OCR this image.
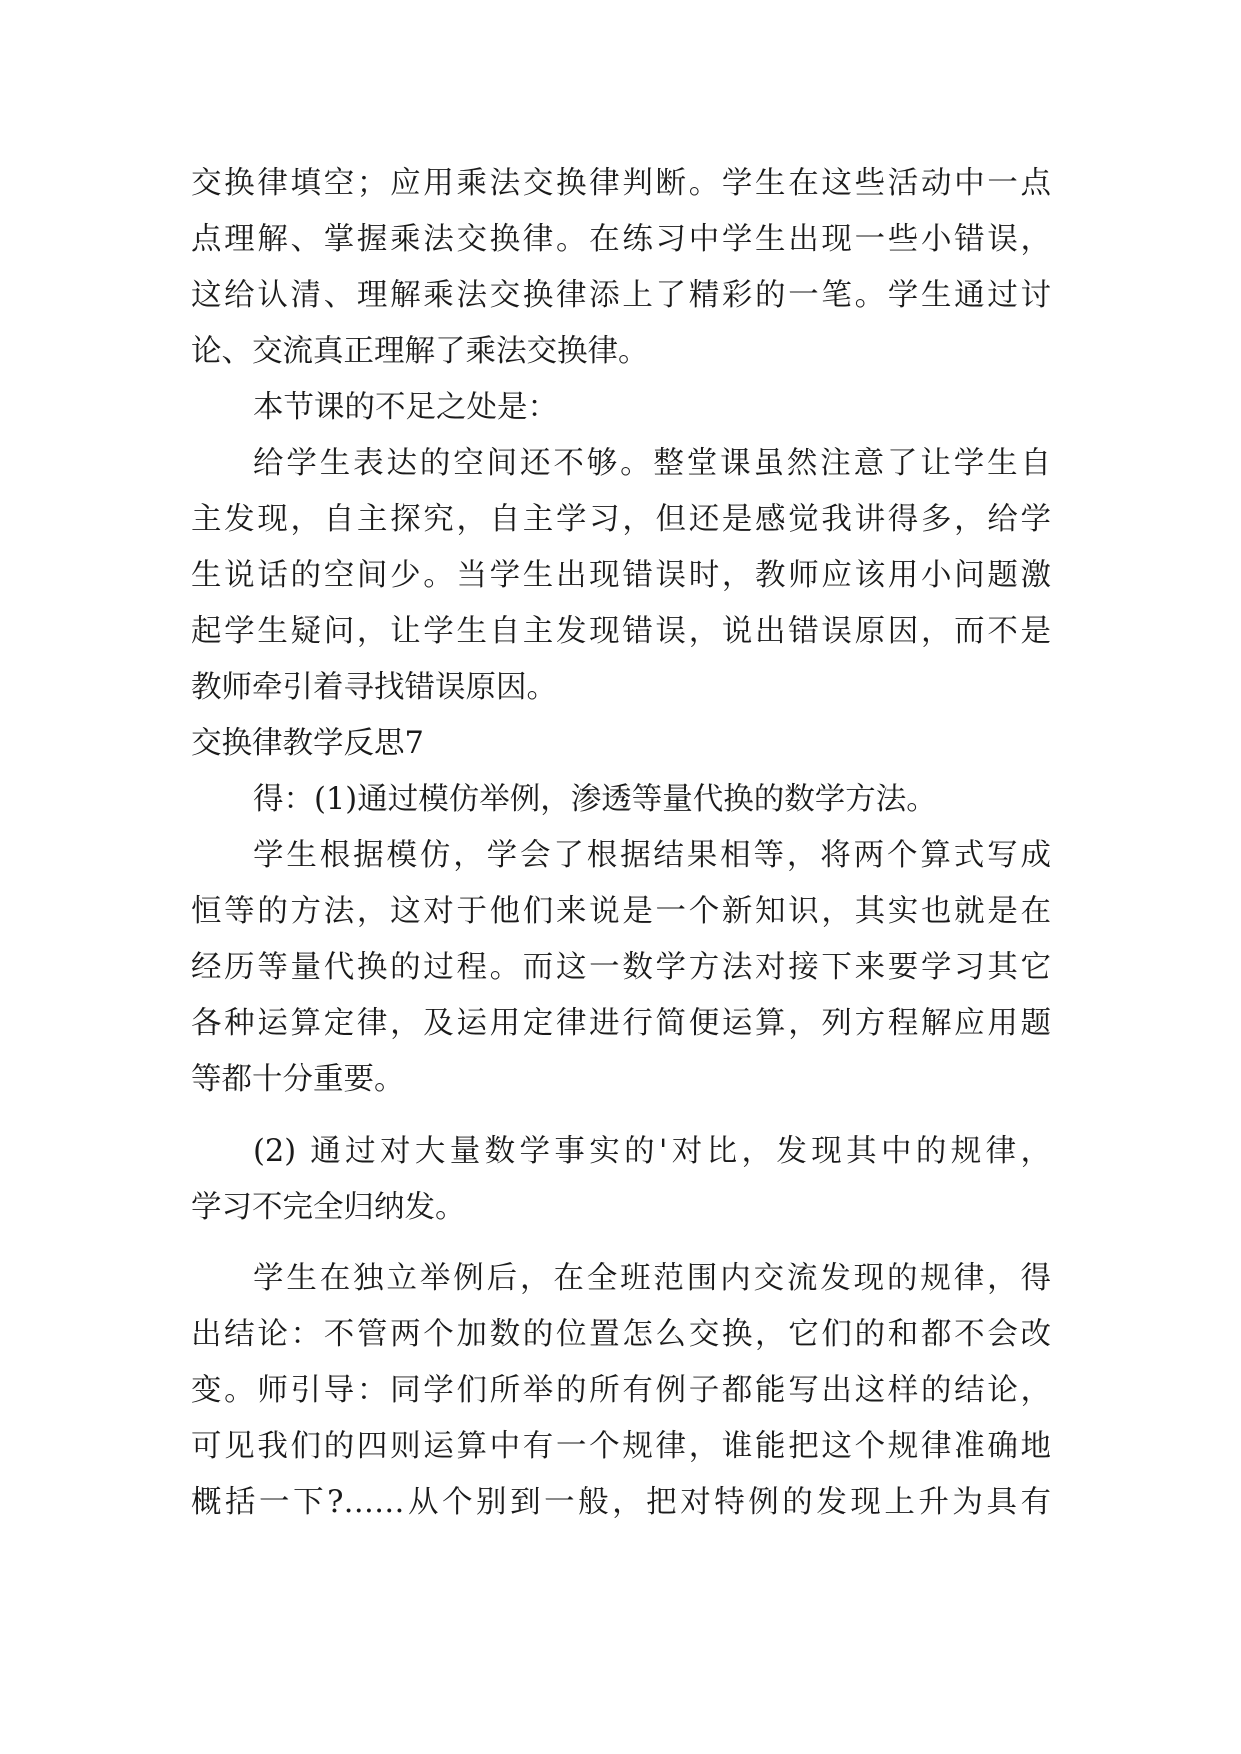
交换律填空；应用乘法交换律判断。学生在这些活动中一点
点理解、掌握乘法交换律。在练习中学生出现一些小错误，
这给认清、理解乘法交换律添上了精彩的一笔。学生通过讨
论、交流真正理解了乘法交换律。
本节课的不足之处是：
给学生表达的空间还不够。整堂课虽然注意了让学生自
主发现，自主探究，自主学习，但还是感觉我讲得多，给学
生说话的空间少。当学生出现错误时，教师应该用小问题激
起学生疑问，让学生自主发现错误，说出错误原因，而不是
教师牵引着寻找错误原因。
交换律教学反思7
得：(1)通过模仿举例，渗透等量代换的数学方法。
学生根据模仿，学会了根据结果相等，将两个算式写成
恒等的方法，这对于他们来说是一个新知识，其实也就是在
经历等量代换的过程。而这一数学方法对接下来要学习其它
各种运算定律，及运用定律进行简便运算，列方程解应用题
等都十分重要。
(2) 通过对大量数学事实的'对比，发现其中的规律，
学习不完全归纳发。
学生在独立举例后，在全班范围内交流发现的规律，得
出结论：不管两个加数的位置怎么交换，它们的和都不会改
变。师引导：同学们所举的所有例子都能写出这样的结论，
可见我们的四则运算中有一个规律，谁能把这个规律准确地
概括一下?……从个别到一般，把对特例的发现上升为具有
